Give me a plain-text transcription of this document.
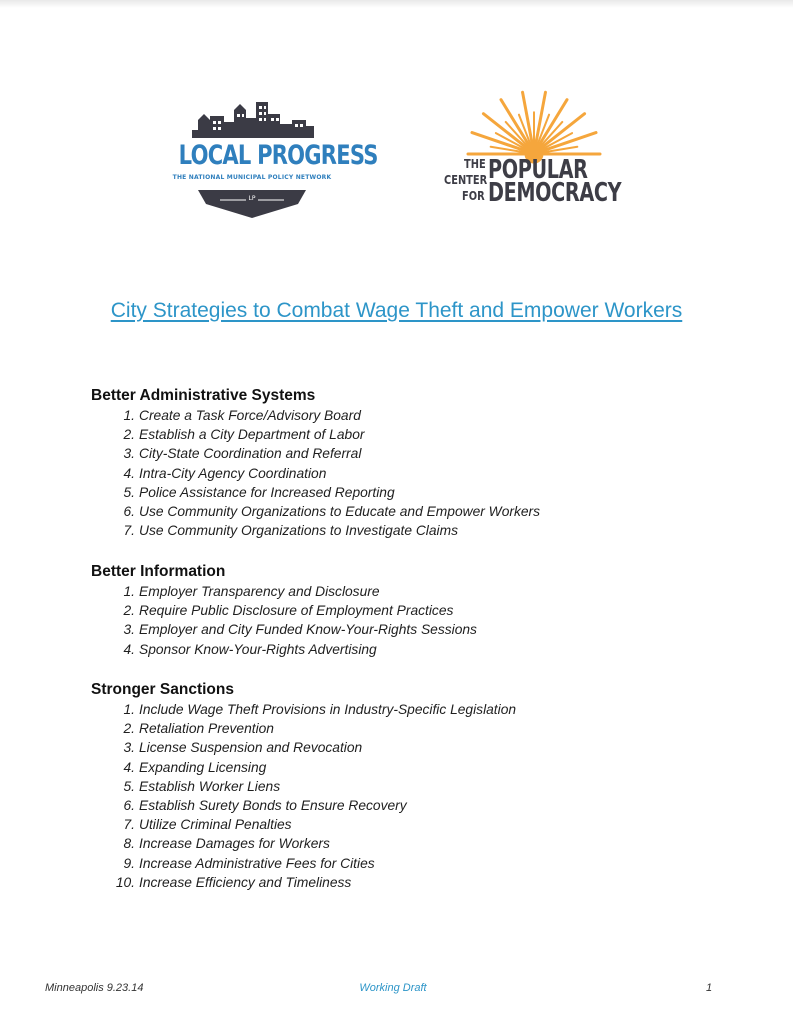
LOCAL PROGRESS
THE NATIONAL MUNICIPAL POLICY NETWORK
LP
THE
CENTER
FOR
POPULAR
DEMOCRACY
City Strategies to Combat Wage Theft and Empower Workers
Better Administrative Systems
1. Create a Task Force/Advisory Board
2. Establish a City Department of Labor
3. City-State Coordination and Referral
4. Intra-City Agency Coordination
5. Police Assistance for Increased Reporting
6. Use Community Organizations to Educate and Empower Workers
7. Use Community Organizations to Investigate Claims
Better Information
1. Employer Transparency and Disclosure
2. Require Public Disclosure of Employment Practices
3. Employer and City Funded Know-Your-Rights Sessions
4. Sponsor Know-Your-Rights Advertising
Stronger Sanctions
1. Include Wage Theft Provisions in Industry-Specific Legislation
2. Retaliation Prevention
3. License Suspension and Revocation
4. Expanding Licensing
5. Establish Worker Liens
6. Establish Surety Bonds to Ensure Recovery
7. Utilize Criminal Penalties
8. Increase Damages for Workers
9. Increase Administrative Fees for Cities
10. Increase Efficiency and Timeliness
Minneapolis 9.23.14	Working Draft	1
